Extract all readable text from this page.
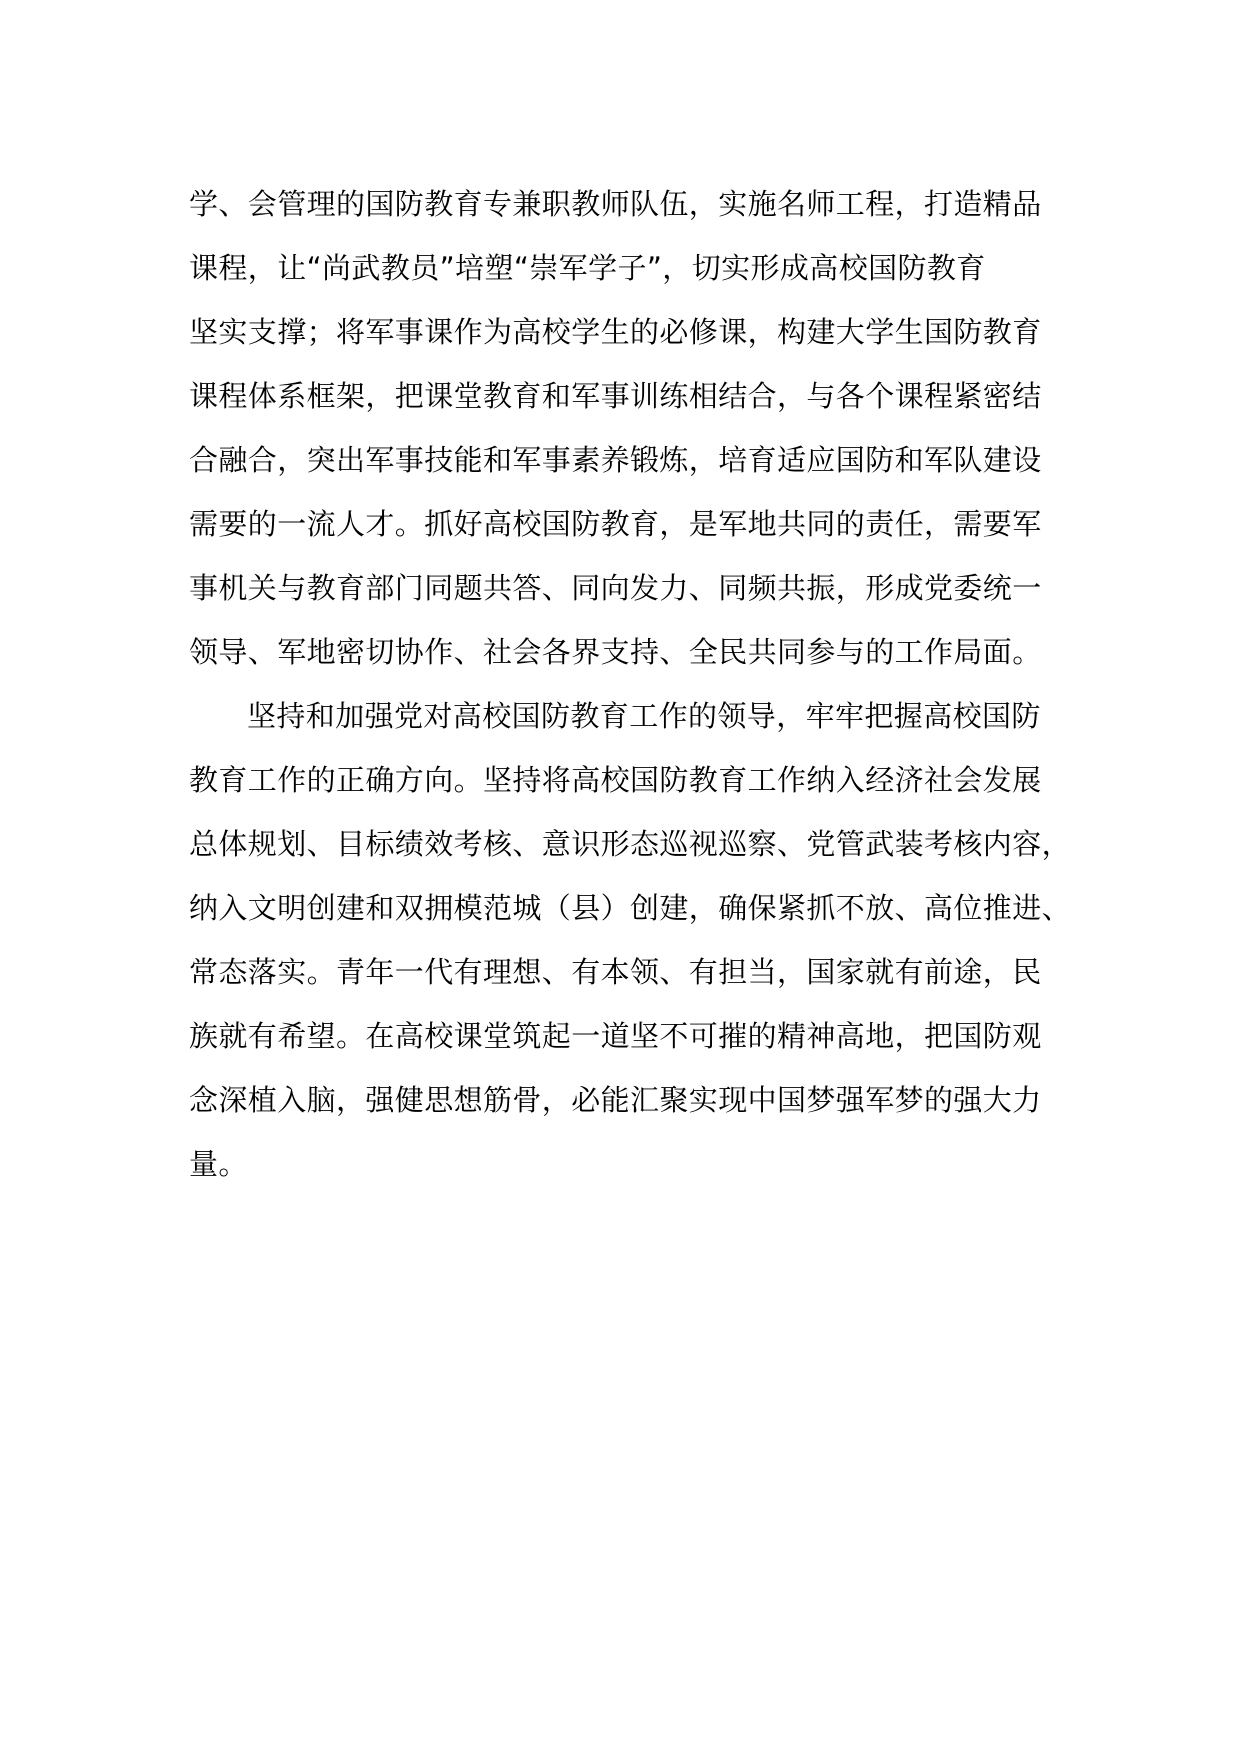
学、会管理的国防教育专兼职教师队伍，实施名师工程，打造精品
课程，让“尚武教员”培塑“崇军学子”，切实形成高校国防教育
坚实支撑；将军事课作为高校学生的必修课，构建大学生国防教育
课程体系框架，把课堂教育和军事训练相结合，与各个课程紧密结
合融合，突出军事技能和军事素养锻炼，培育适应国防和军队建设
需要的一流人才。抓好高校国防教育，是军地共同的责任，需要军
事机关与教育部门同题共答、同向发力、同频共振，形成党委统一
领导、军地密切协作、社会各界支持、全民共同参与的工作局面。
坚持和加强党对高校国防教育工作的领导，牢牢把握高校国防
教育工作的正确方向。坚持将高校国防教育工作纳入经济社会发展
总体规划、目标绩效考核、意识形态巡视巡察、党管武装考核内容，
纳入文明创建和双拥模范城（县）创建，确保紧抓不放、高位推进、
常态落实。青年一代有理想、有本领、有担当，国家就有前途，民
族就有希望。在高校课堂筑起一道坚不可摧的精神高地，把国防观
念深植入脑，强健思想筋骨，必能汇聚实现中国梦强军梦的强大力
量。
